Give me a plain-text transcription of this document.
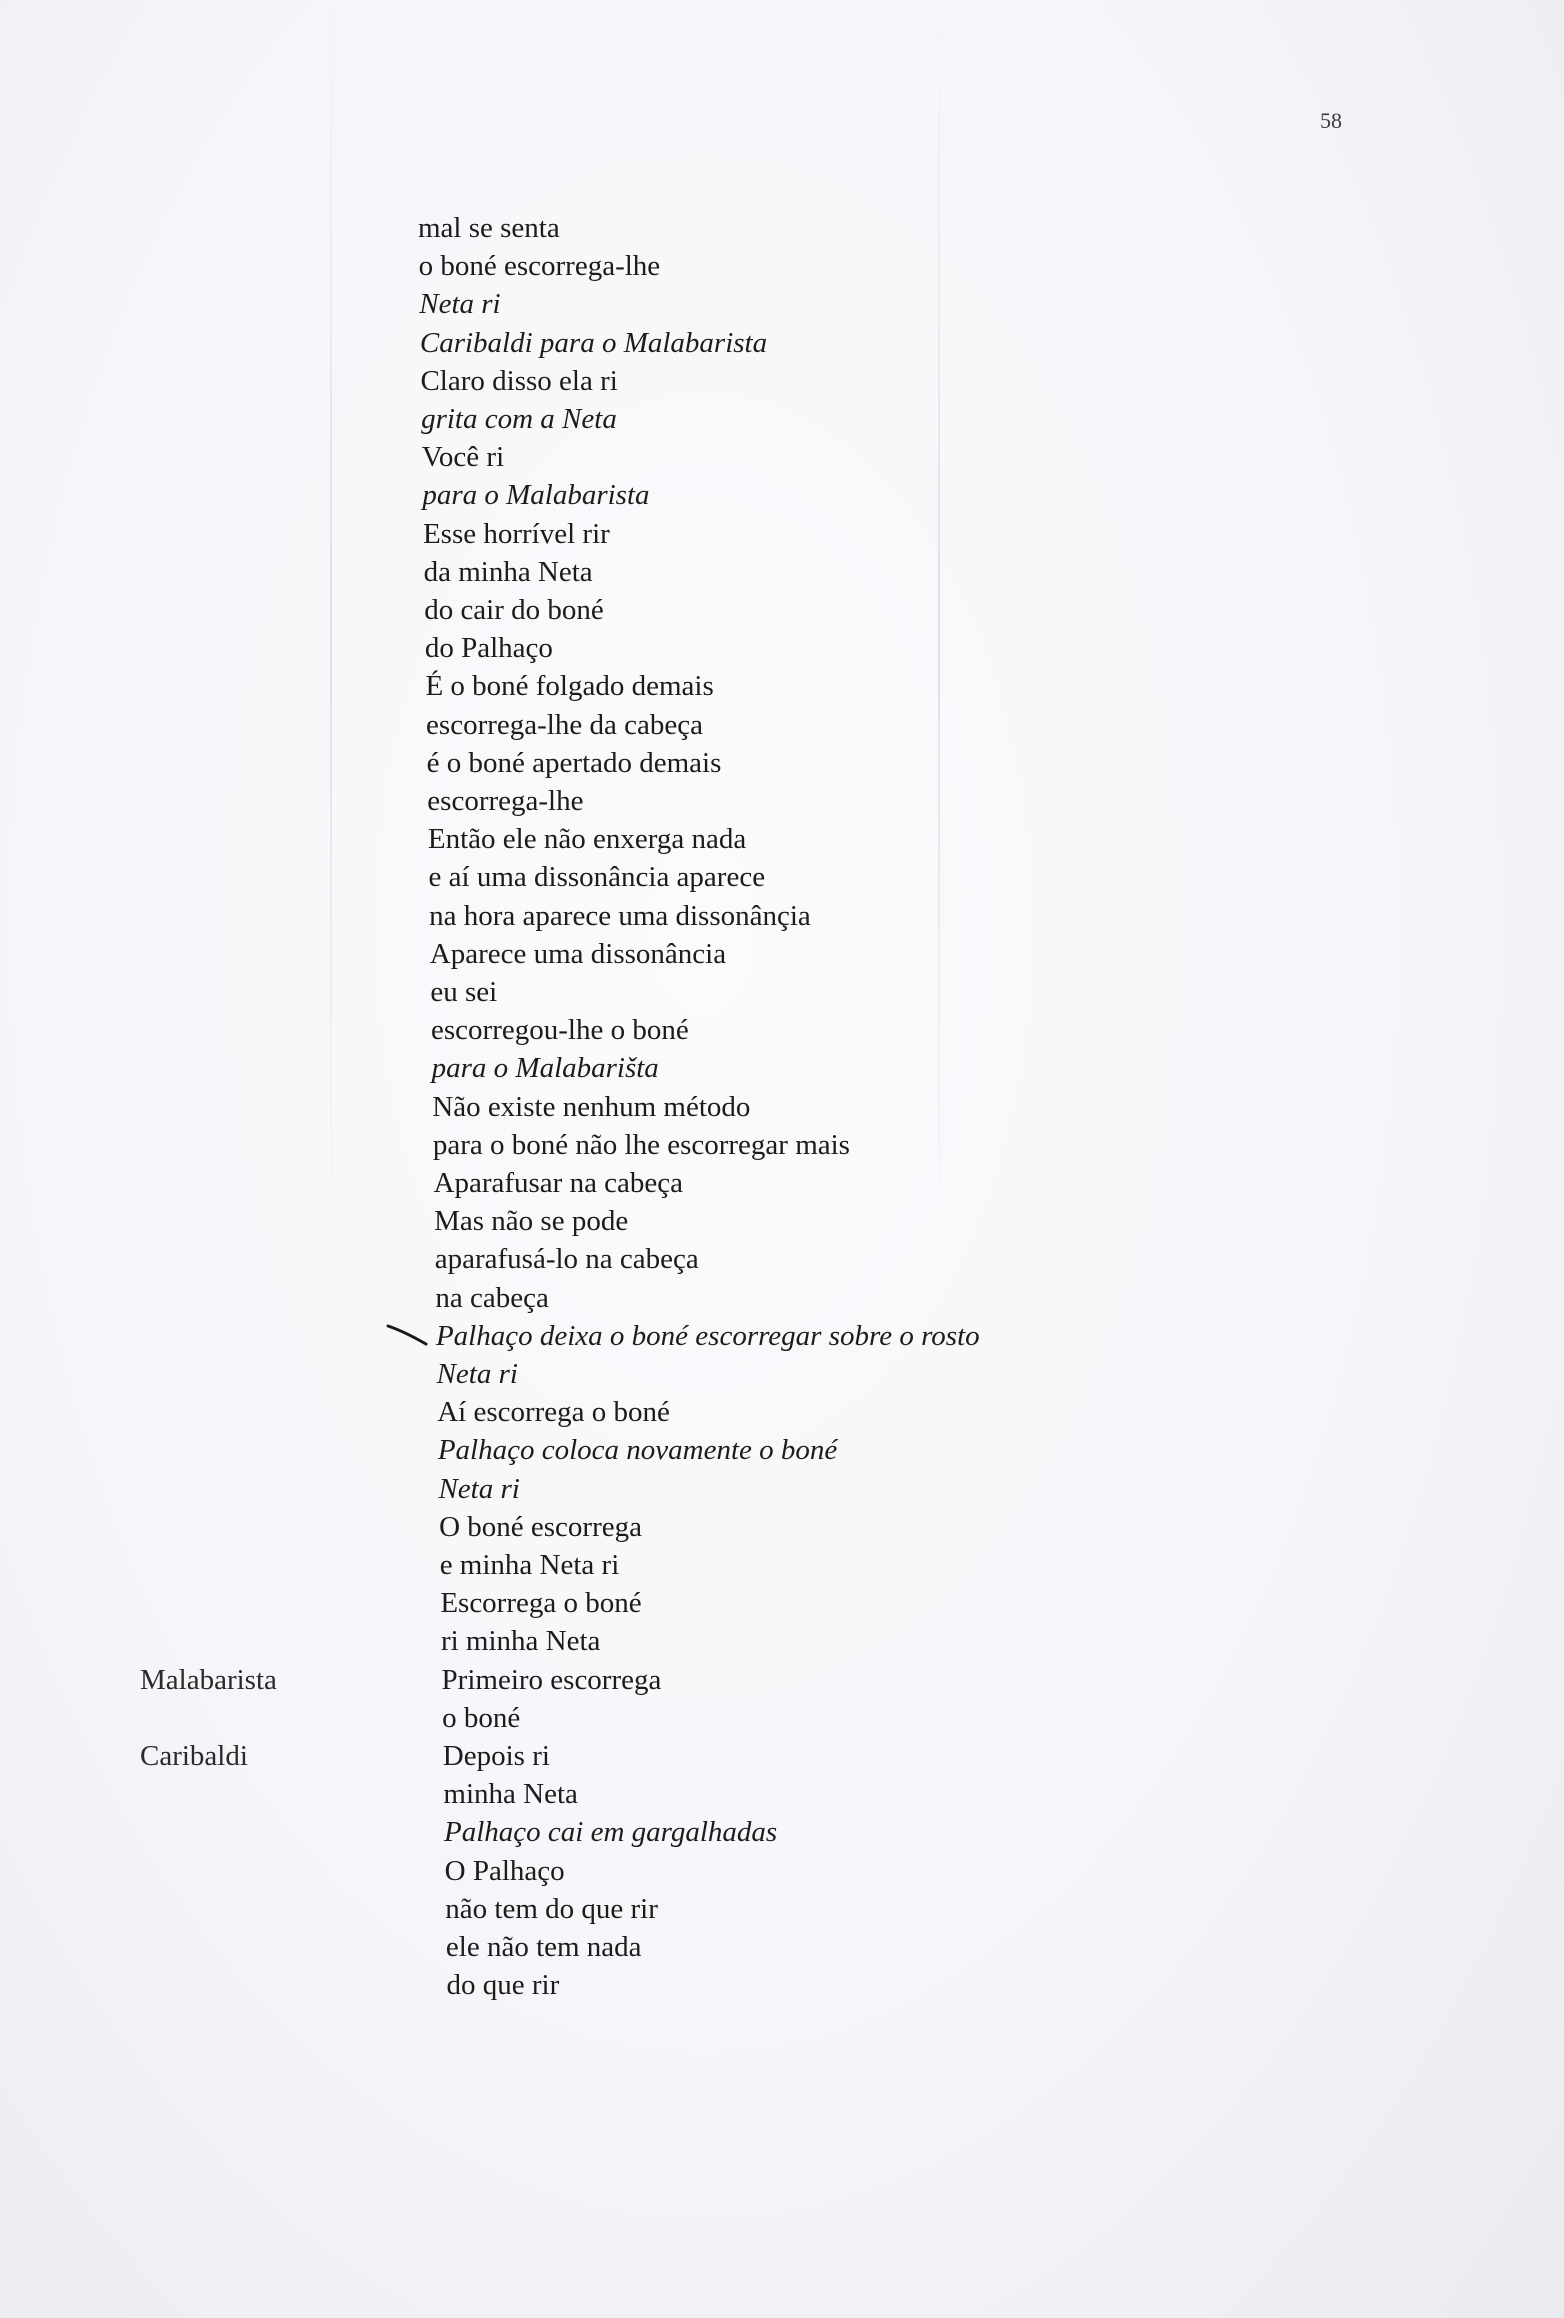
58
mal se senta
o boné escorrega-lhe
Neta ri
Caribaldi para o Malabarista
Claro disso ela ri
grita com a Neta
Você ri
para o Malabarista
Esse horrível rir
da minha Neta
do cair do boné
do Palhaço
É o boné folgado demais
escorrega-lhe da cabeça
é o boné apertado demais
escorrega-lhe
Então ele não enxerga nada
e aí uma dissonância aparece
na hora aparece uma dissonânçia
Aparece uma dissonância
eu sei
escorregou-lhe o boné
para o Malabarišta
Não existe nenhum método
para o boné não lhe escorregar mais
Aparafusar na cabeça
Mas não se pode
aparafusá-lo na cabeça
na cabeça
Palhaço deixa o boné escorregar sobre o rosto
Neta ri
Aí escorrega o boné
Palhaço coloca novamente o boné
Neta ri
O boné escorrega
e minha Neta ri
Escorrega o boné
ri minha Neta
Primeiro escorrega
o boné
Depois ri
minha Neta
Palhaço cai em gargalhadas
O Palhaço
não tem do que rir
ele não tem nada
do que rir
Malabarista
Caribaldi
